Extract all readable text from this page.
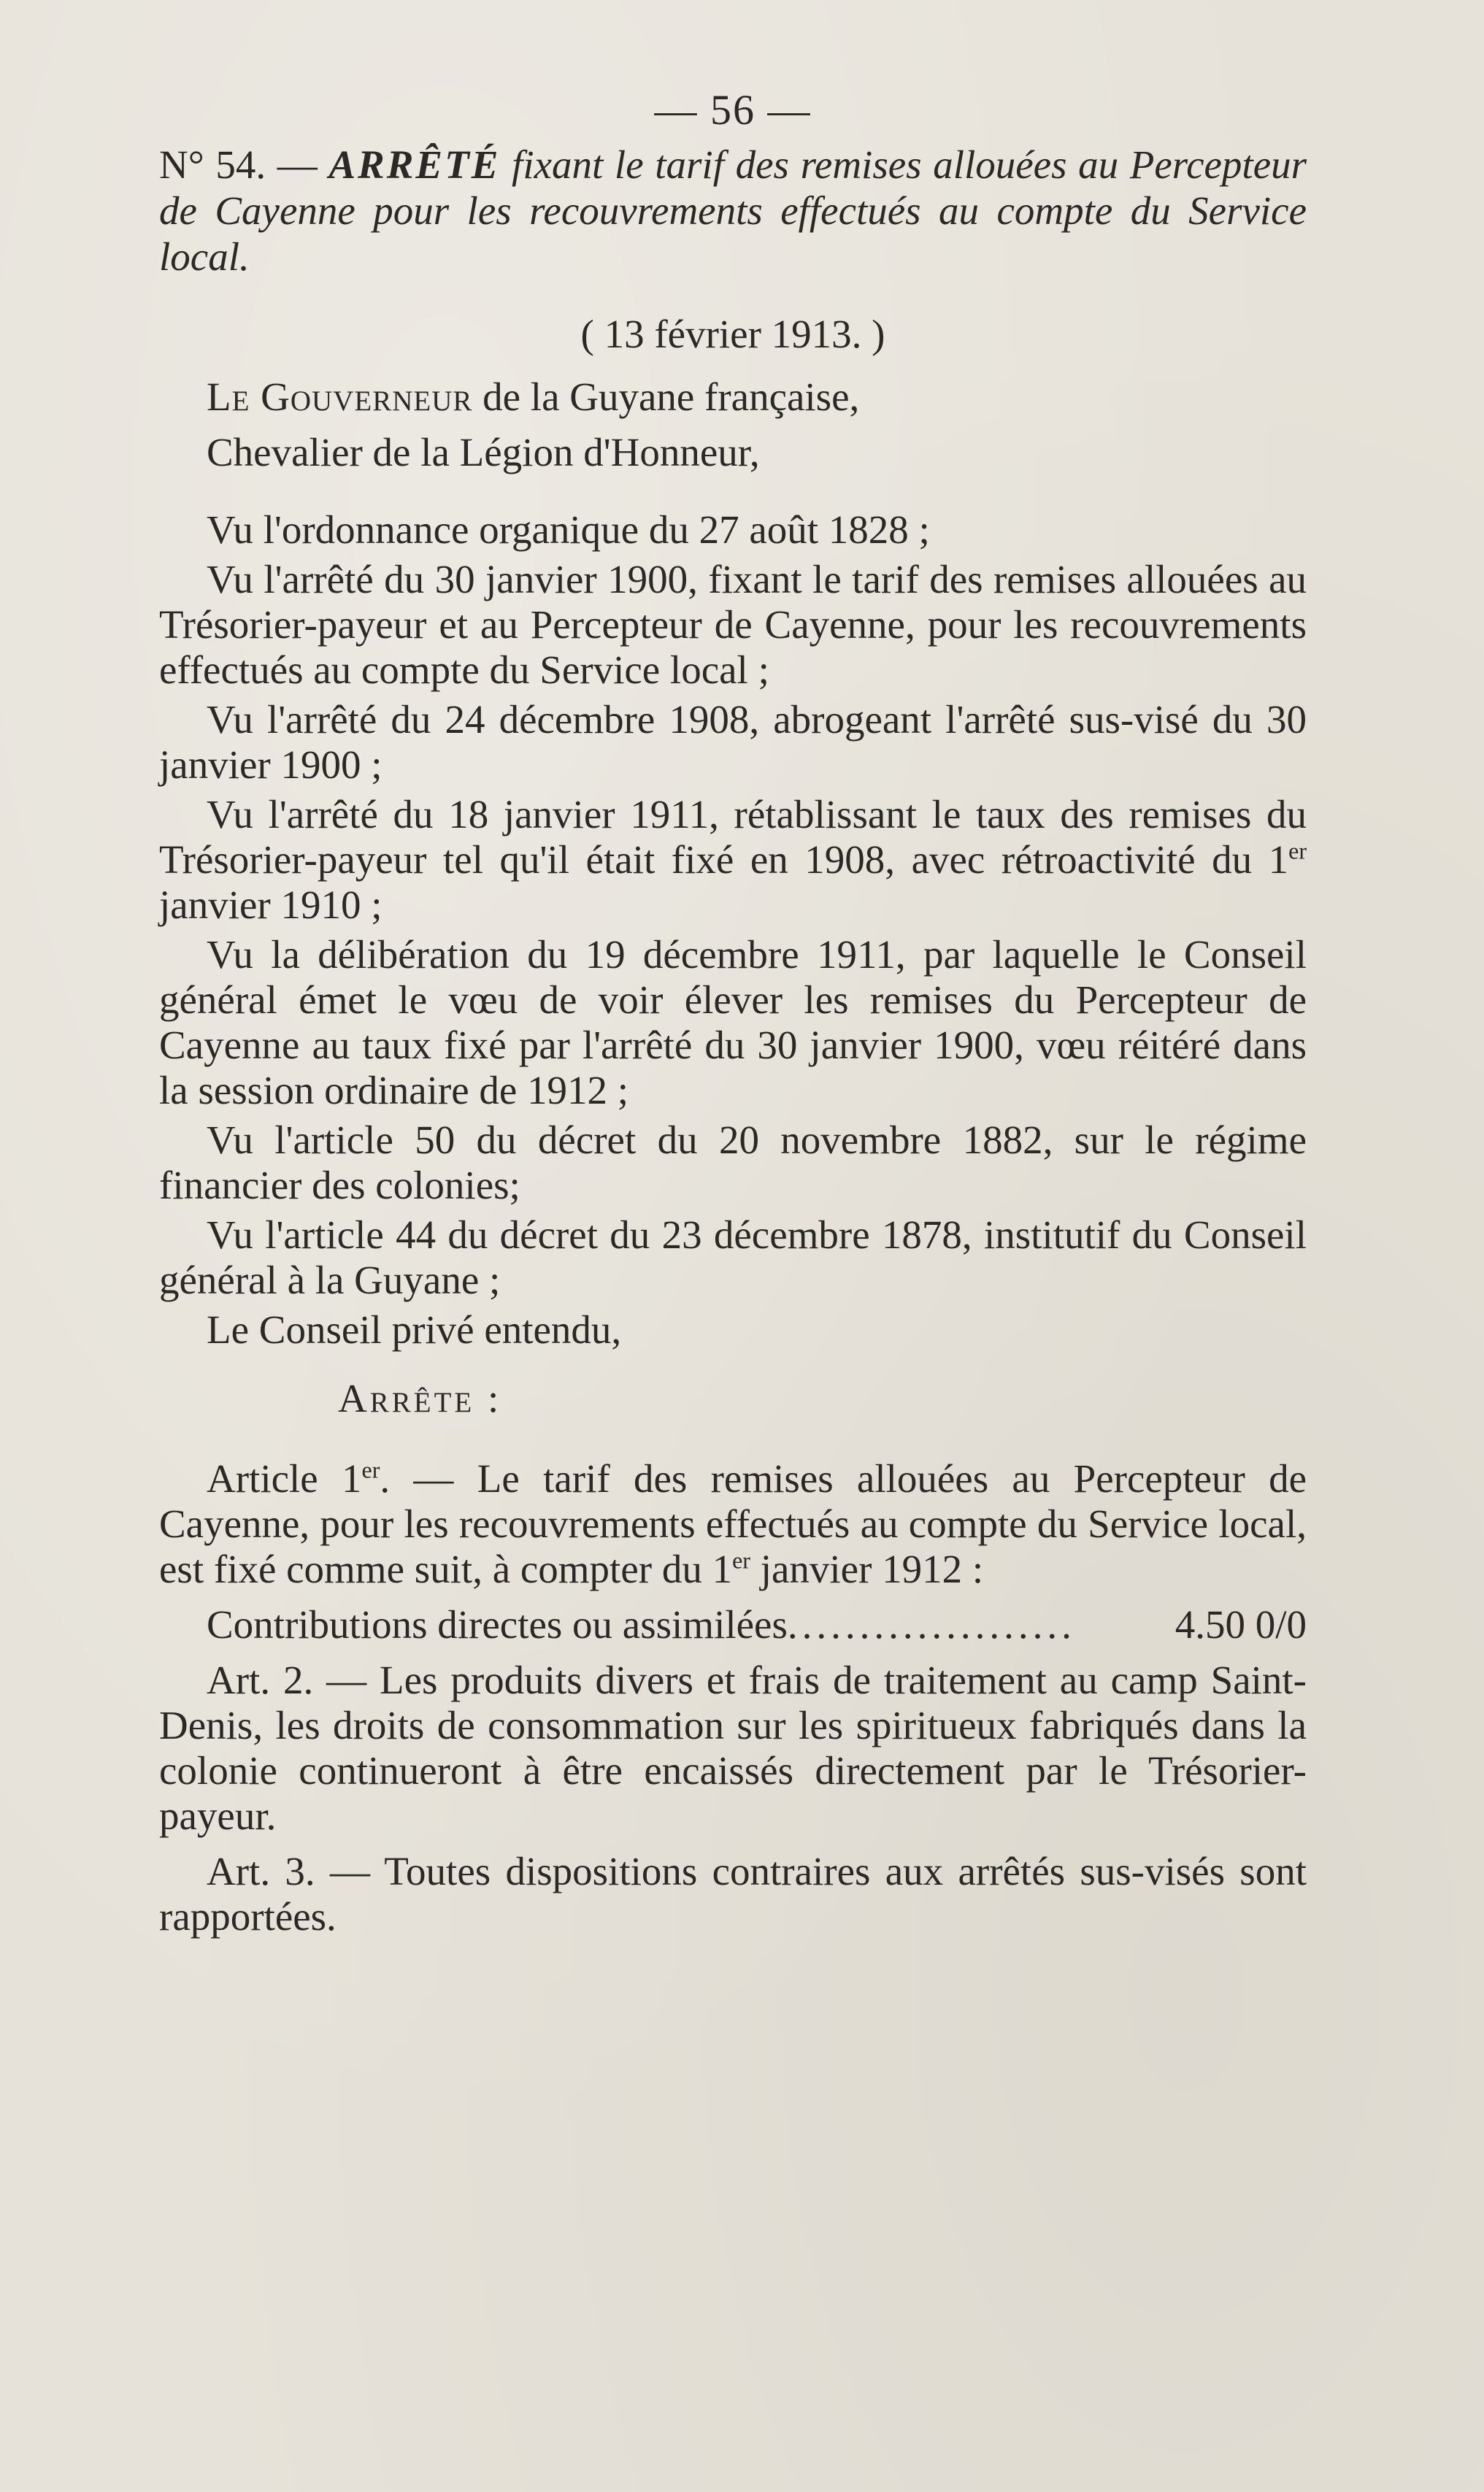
— 56 —

N° 54. — ARRÊTÉ fixant le tarif des remises allouées au Percepteur de Cayenne pour les recouvrements effectués au compte du Service local.

( 13 février 1913. )

Le Gouverneur de la Guyane française,

Chevalier de la Légion d'Honneur,

Vu l'ordonnance organique du 27 août 1828 ;

Vu l'arrêté du 30 janvier 1900, fixant le tarif des remises allouées au Trésorier-payeur et au Percepteur de Cayenne, pour les recouvrements effectués au compte du Service local ;

Vu l'arrêté du 24 décembre 1908, abrogeant l'arrêté sus-visé du 30 janvier 1900 ;

Vu l'arrêté du 18 janvier 1911, rétablissant le taux des remises du Trésorier-payeur tel qu'il était fixé en 1908, avec rétroactivité du 1er janvier 1910 ;

Vu la délibération du 19 décembre 1911, par laquelle le Conseil général émet le vœu de voir élever les remises du Percepteur de Cayenne au taux fixé par l'arrêté du 30 janvier 1900, vœu réitéré dans la session ordinaire de 1912 ;

Vu l'article 50 du décret du 20 novembre 1882, sur le régime financier des colonies;

Vu l'article 44 du décret du 23 décembre 1878, institutif du Conseil général à la Guyane ;

Le Conseil privé entendu,

Arrête :

Article 1er. — Le tarif des remises allouées au Percepteur de Cayenne, pour les recouvrements effectués au compte du Service local, est fixé comme suit, à compter du 1er janvier 1912 :

Contributions directes ou assimilées ....................	4.50 0/0

Art. 2. — Les produits divers et frais de traitement au camp Saint-Denis, les droits de consommation sur les spiritueux fabriqués dans la colonie continueront à être encaissés directement par le Trésorier-payeur.

Art. 3. — Toutes dispositions contraires aux arrêtés sus-visés sont rapportées.
